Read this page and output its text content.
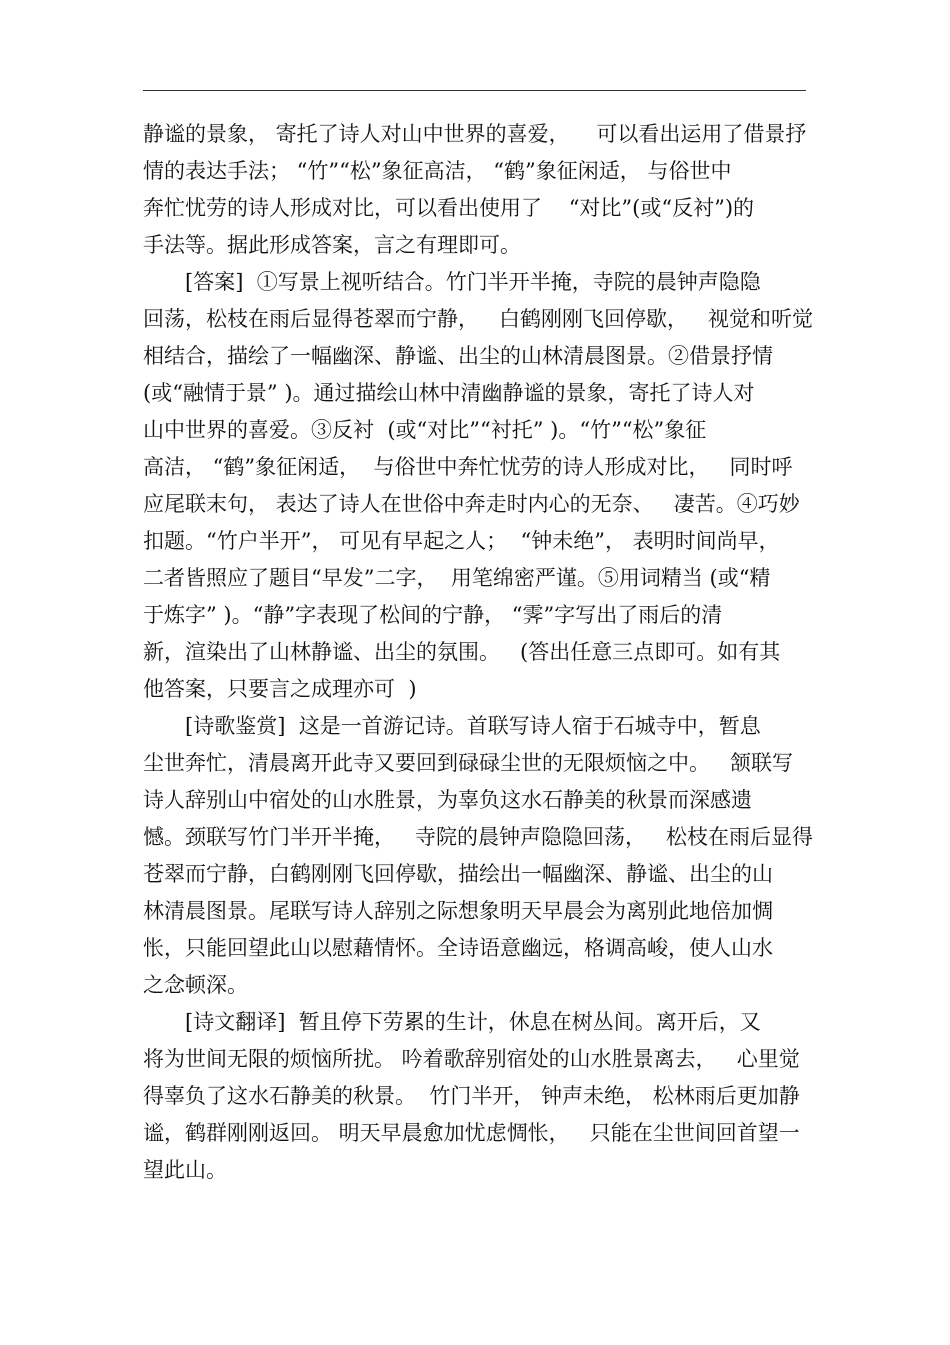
静谧的景象， 寄托了诗人对山中世界的喜爱，    可以看出运用了借景抒
情的表达手法； “竹”“松”象征高洁， “鹤”象征闲适， 与俗世中
奔忙忧劳的诗人形成对比，可以看出使用了    “对比”(或“反衬”)的
手法等。据此形成答案，言之有理即可。
[答案]  ①写景上视听结合。竹门半开半掩，寺院的晨钟声隐隐
回荡，松枝在雨后显得苍翠而宁静，   白鹤刚刚飞回停歇，   视觉和听觉
相结合，描绘了一幅幽深、静谧、出尘的山林清晨图景。②借景抒情
(或“融情于景” )。通过描绘山林中清幽静谧的景象，寄托了诗人对
山中世界的喜爱。③反衬  (或“对比”“衬托” )。“竹”“松”象征
高洁， “鹤”象征闲适，  与俗世中奔忙忧劳的诗人形成对比，   同时呼
应尾联末句， 表达了诗人在世俗中奔走时内心的无奈、   凄苦。④巧妙
扣题。“竹户半开”， 可见有早起之人；  “钟未绝”， 表明时间尚早，
二者皆照应了题目“早发”二字，  用笔绵密严谨。⑤用词精当 (或“精
于炼字” )。“静”字表现了松间的宁静， “霁”字写出了雨后的清
新，渲染出了山林静谧、出尘的氛围。   (答出任意三点即可。如有其
他答案，只要言之成理亦可  )
[诗歌鉴赏]  这是一首游记诗。首联写诗人宿于石城寺中，暂息
尘世奔忙，清晨离开此寺又要回到碌碌尘世的无限烦恼之中。   颔联写
诗人辞别山中宿处的山水胜景，为辜负这水石静美的秋景而深感遗
憾。颈联写竹门半开半掩，   寺院的晨钟声隐隐回荡，   松枝在雨后显得
苍翠而宁静，白鹤刚刚飞回停歇，描绘出一幅幽深、静谧、出尘的山
林清晨图景。尾联写诗人辞别之际想象明天早晨会为离别此地倍加惆
怅，只能回望此山以慰藉情怀。全诗语意幽远，格调高峻，使人山水
之念顿深。
[诗文翻译]  暂且停下劳累的生计，休息在树丛间。离开后，又
将为世间无限的烦恼所扰。 吟着歌辞别宿处的山水胜景离去，   心里觉
得辜负了这水石静美的秋景。  竹门半开， 钟声未绝， 松林雨后更加静
谧，鹤群刚刚返回。 明天早晨愈加忧虑惆怅，   只能在尘世间回首望一
望此山。
